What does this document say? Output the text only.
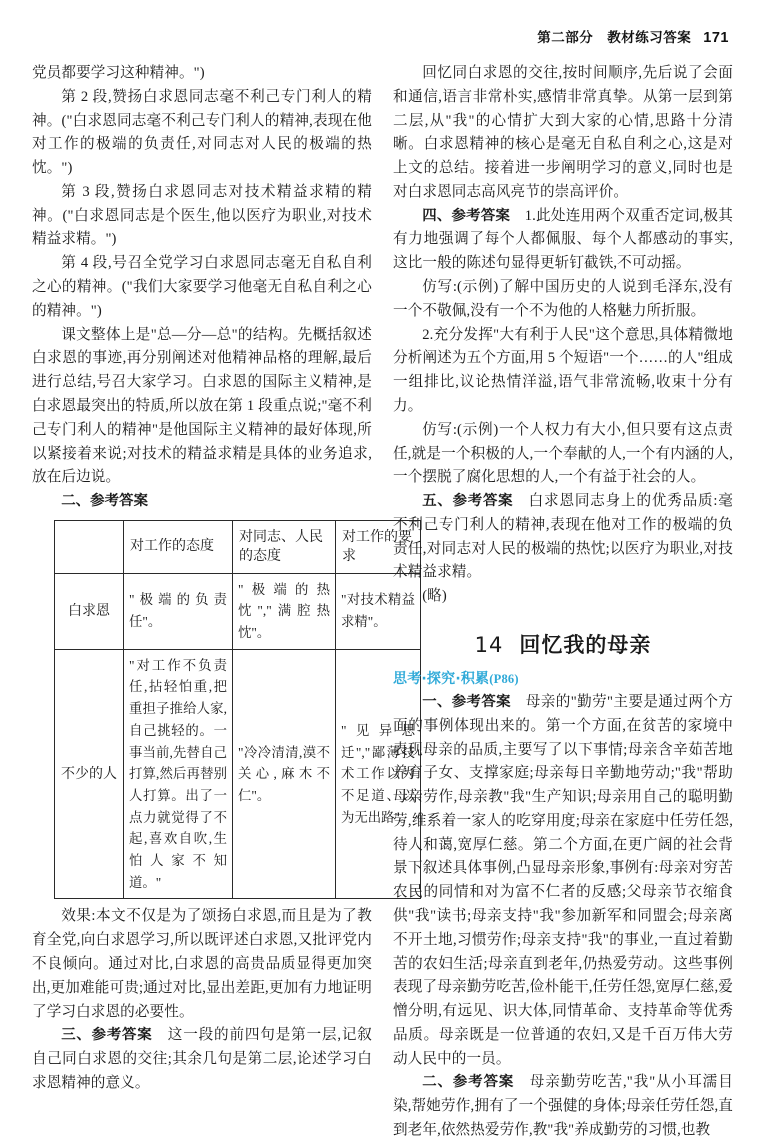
第二部分 教材练习答案 171

党员都要学习这种精神。")

第 2 段,赞扬白求恩同志毫不利己专门利人的精神。("白求恩同志毫不利己专门利人的精神,表现在他对工作的极端的负责任,对同志对人民的极端的热忱。")

第 3 段,赞扬白求恩同志对技术精益求精的精神。("白求恩同志是个医生,他以医疗为职业,对技术精益求精。")

第 4 段,号召全党学习白求恩同志毫无自私自利之心的精神。("我们大家要学习他毫无自私自利之心的精神。")

课文整体上是"总—分—总"的结构。先概括叙述白求恩的事迹,再分别阐述对他精神品格的理解,最后进行总结,号召大家学习。白求恩的国际主义精神,是白求恩最突出的特质,所以放在第 1 段重点说;"毫不利己专门利人的精神"是他国际主义精神的最好体现,所以紧接着来说;对技术的精益求精是具体的业务追求,放在后边说。

二、参考答案

	对工作的态度	对同志、人民的态度	对工作的要求
白求恩	"极端的负责任"。	"极端的热忱","满腔热忱"。	"对技术精益求精"。
不少的人	"对工作不负责任,拈轻怕重,把重担子推给人家,自己挑轻的。一事当前,先替自己打算,然后再替别人打算。出了一点力就觉得了不起,喜欢自吹,生怕人家不知道。"	"冷冷清清,漠不关心,麻木不仁"。	"见异思迁","鄙薄技术工作以为不足道、以为无出路"。

效果:本文不仅是为了颂扬白求恩,而且是为了教育全党,向白求恩学习,所以既评述白求恩,又批评党内不良倾向。通过对比,白求恩的高贵品质显得更加突出,更加难能可贵;通过对比,显出差距,更加有力地证明了学习白求恩的必要性。

三、参考答案 这一段的前四句是第一层,记叙自己同白求恩的交往;其余几句是第二层,论述学习白求恩精神的意义。

回忆同白求恩的交往,按时间顺序,先后说了会面和通信,语言非常朴实,感情非常真挚。从第一层到第二层,从"我"的心情扩大到大家的心情,思路十分清晰。白求恩精神的核心是毫无自私自利之心,这是对上文的总结。接着进一步阐明学习的意义,同时也是对白求恩同志高风亮节的崇高评价。

四、参考答案 1.此处连用两个双重否定词,极其有力地强调了每个人都佩服、每个人都感动的事实,这比一般的陈述句显得更斩钉截铁,不可动摇。

仿写:(示例)了解中国历史的人说到毛泽东,没有一个不敬佩,没有一个不为他的人格魅力所折服。

2.充分发挥"大有利于人民"这个意思,具体精微地分析阐述为五个方面,用 5 个短语"一个……的人"组成一组排比,议论热情洋溢,语气非常流畅,收束十分有力。

仿写:(示例)一个人权力有大小,但只要有这点责任,就是一个积极的人,一个奉献的人,一个有内涵的人,一个摆脱了腐化思想的人,一个有益于社会的人。

五、参考答案 白求恩同志身上的优秀品质:毫不利己专门利人的精神,表现在他对工作的极端的负责任,对同志对人民的极端的热忱;以医疗为职业,对技术精益求精。

(略)

14 回忆我的母亲
思考·探究·积累(P86)

一、参考答案 母亲的"勤劳"主要是通过两个方面的事例体现出来的。第一个方面,在贫苦的家境中表现母亲的品质,主要写了以下事情;母亲含辛茹苦地养育子女、支撑家庭;母亲每日辛勤地劳动;"我"帮助母亲劳作,母亲教"我"生产知识;母亲用自己的聪明勤劳,维系着一家人的吃穿用度;母亲在家庭中任劳任怨,待人和蔼,宽厚仁慈。第二个方面,在更广阔的社会背景下叙述具体事例,凸显母亲形象,事例有:母亲对穷苦农民的同情和对为富不仁者的反感;父母亲节衣缩食供"我"读书;母亲支持"我"参加新军和同盟会;母亲离不开土地,习惯劳作;母亲支持"我"的事业,一直过着勤苦的农妇生活;母亲直到老年,仍热爱劳动。这些事例表现了母亲勤劳吃苦,俭朴能干,任劳任怨,宽厚仁慈,爱憎分明,有远见、识大体,同情革命、支持革命等优秀品质。母亲既是一位普通的农妇,又是千百万伟大劳动人民中的一员。

二、参考答案 母亲勤劳吃苦,"我"从小耳濡目染,帮她劳作,拥有了一个强健的身体;母亲任劳任怨,直到老年,依然热爱劳作,教"我"养成勤劳的习惯,也教
